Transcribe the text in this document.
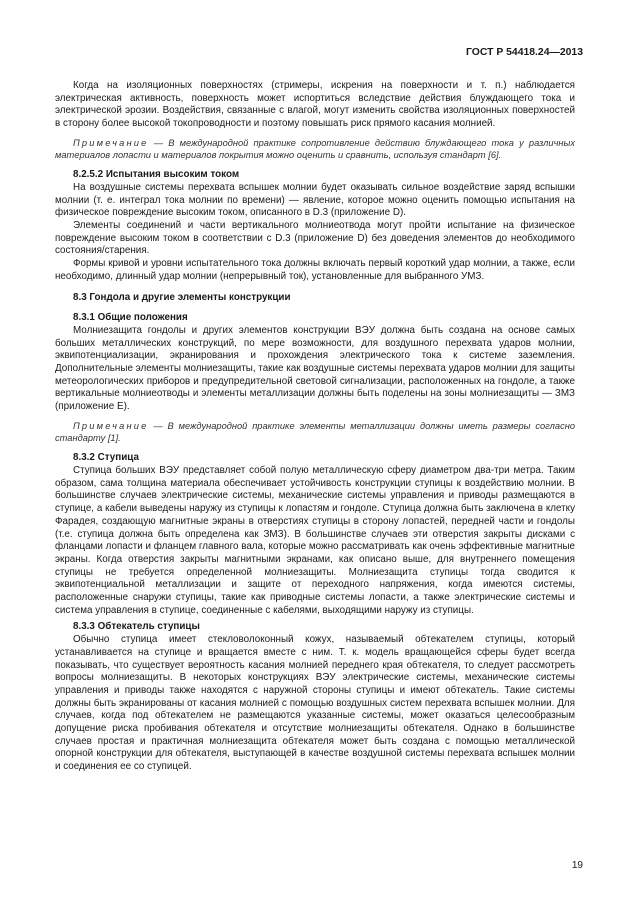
ГОСТ Р 54418.24—2013

Когда на изоляционных поверхностях (стримеры, искрения на поверхности и т. п.) наблюдается электрическая активность, поверхность может испортиться вследствие действия блуждающего тока и электрической эрозии. Воздействия, связанные с влагой, могут изменить свойства изоляционных поверхностей в сторону более высокой токопроводности и поэтому повышать риск прямого касания молнией.

Примечание — В международной практике сопротивление действию блуждающего тока у различных материалов лопасти и материалов покрытия можно оценить и сравнить, используя стандарт [6].

8.2.5.2 Испытания высоким током

На воздушные системы перехвата вспышек молнии будет оказывать сильное воздействие заряд вспышки молнии (т. е. интеграл тока молнии по времени) — явление, которое можно оценить помощью испытания на физическое повреждение высоким током, описанного в D.3 (приложение D).

Элементы соединений и части вертикального молниеотвода могут пройти испытание на физическое повреждение высоким током в соответствии с D.3 (приложение D) без доведения элементов до необходимого состояния/старения.

Формы кривой и уровни испытательного тока должны включать первый короткий удар молнии, а также, если необходимо, длинный удар молнии (непрерывный ток), установленные для выбранного УМЗ.

8.3 Гондола и другие элементы конструкции

8.3.1 Общие положения

Молниезащита гондолы и других элементов конструкции ВЭУ должна быть создана на основе самых больших металлических конструкций, по мере возможности, для воздушного перехвата ударов молнии, эквипотенциализации, экранирования и прохождения электрического тока к системе заземления. Дополнительные элементы молниезащиты, такие как воздушные системы перехвата ударов молнии для защиты метеорологических приборов и предупредительной световой сигнализации, расположенных на гондоле, а также вертикальные молниеотводы и элементы металлизации должны быть поделены на зоны молниезащиты — ЗМЗ (приложение Е).

Примечание — В международной практике элементы металлизации должны иметь размеры согласно стандарту [1].

8.3.2 Ступица

Ступица больших ВЭУ представляет собой полую металлическую сферу диаметром два-три метра. Таким образом, сама толщина материала обеспечивает устойчивость конструкции ступицы к воздействию молнии. В большинстве случаев электрические системы, механические системы управления и приводы размещаются в ступице, а кабели выведены наружу из ступицы к лопастям и гондоле. Ступица должна быть заключена в клетку Фарадея, создающую магнитные экраны в отверстиях ступицы в сторону лопастей, передней части и гондолы (т.е. ступица должна быть определена как ЗМЗ). В большинстве случаев эти отверстия закрыты дисками с фланцами лопасти и фланцем главного вала, которые можно рассматривать как очень эффективные магнитные экраны. Когда отверстия закрыты магнитными экранами, как описано выше, для внутреннего помещения ступицы не требуется определенной молниезащиты. Молниезащита ступицы тогда сводится к эквипотенциальной металлизации и защите от переходного напряжения, когда имеются системы, расположенные снаружи ступицы, такие как приводные системы лопасти, а также электрические системы и система управления в ступице, соединенные с кабелями, выходящими наружу из ступицы.

8.3.3 Обтекатель ступицы

Обычно ступица имеет стекловолоконный кожух, называемый обтекателем ступицы, который устанавливается на ступице и вращается вместе с ним. Т. к. модель вращающейся сферы будет всегда показывать, что существует вероятность касания молнией переднего края обтекателя, то следует рассмотреть вопросы молниезащиты. В некоторых конструкциях ВЭУ электрические системы, механические системы управления и приводы также находятся с наружной стороны ступицы и имеют обтекатель. Такие системы должны быть экранированы от касания молнией с помощью воздушных систем перехвата вспышек молнии. Для случаев, когда под обтекателем не размещаются указанные системы, может оказаться целесообразным допущение риска пробивания обтекателя и отсутствие молниезащиты обтекателя. Однако в большинстве случаев простая и практичная молниезащита обтекателя может быть создана с помощью металлической опорной конструкции для обтекателя, выступающей в качестве воздушной системы перехвата вспышек молнии и соединения ее со ступицей.

19
